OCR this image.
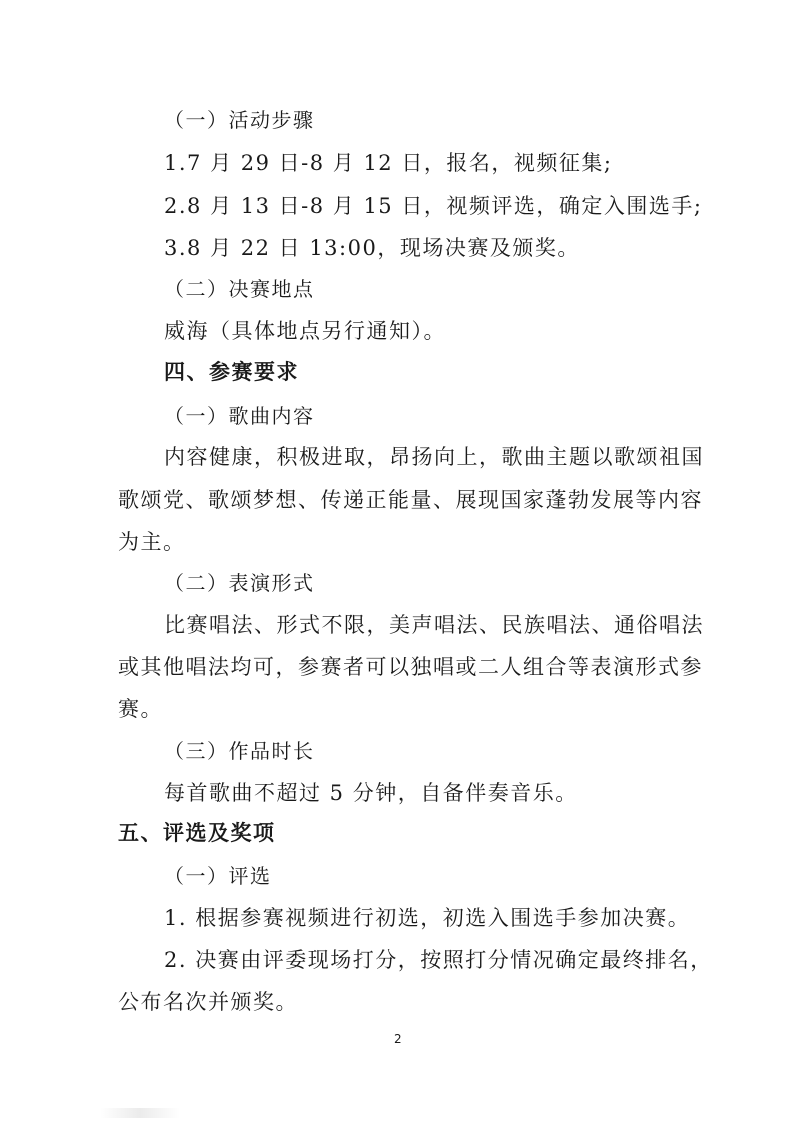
（一）活动步骤
1.7 月 29 日-8 月 12 日，报名，视频征集;
2.8 月 13 日-8 月 15 日，视频评选，确定入围选手;
3.8 月 22 日 13:00，现场决赛及颁奖。
（二）决赛地点
威海（具体地点另行通知）。
四、参赛要求
（一）歌曲内容
内容健康，积极进取，昂扬向上，歌曲主题以歌颂祖国
歌颂党、歌颂梦想、传递正能量、展现国家蓬勃发展等内容
为主。
（二）表演形式
比赛唱法、形式不限，美声唱法、民族唱法、通俗唱法
或其他唱法均可，参赛者可以独唱或二人组合等表演形式参
赛。
（三）作品时长
每首歌曲不超过 5 分钟，自备伴奏音乐。
五、评选及奖项
（一）评选
1. 根据参赛视频进行初选，初选入围选手参加决赛。
2. 决赛由评委现场打分，按照打分情况确定最终排名，
公布名次并颁奖。
2
